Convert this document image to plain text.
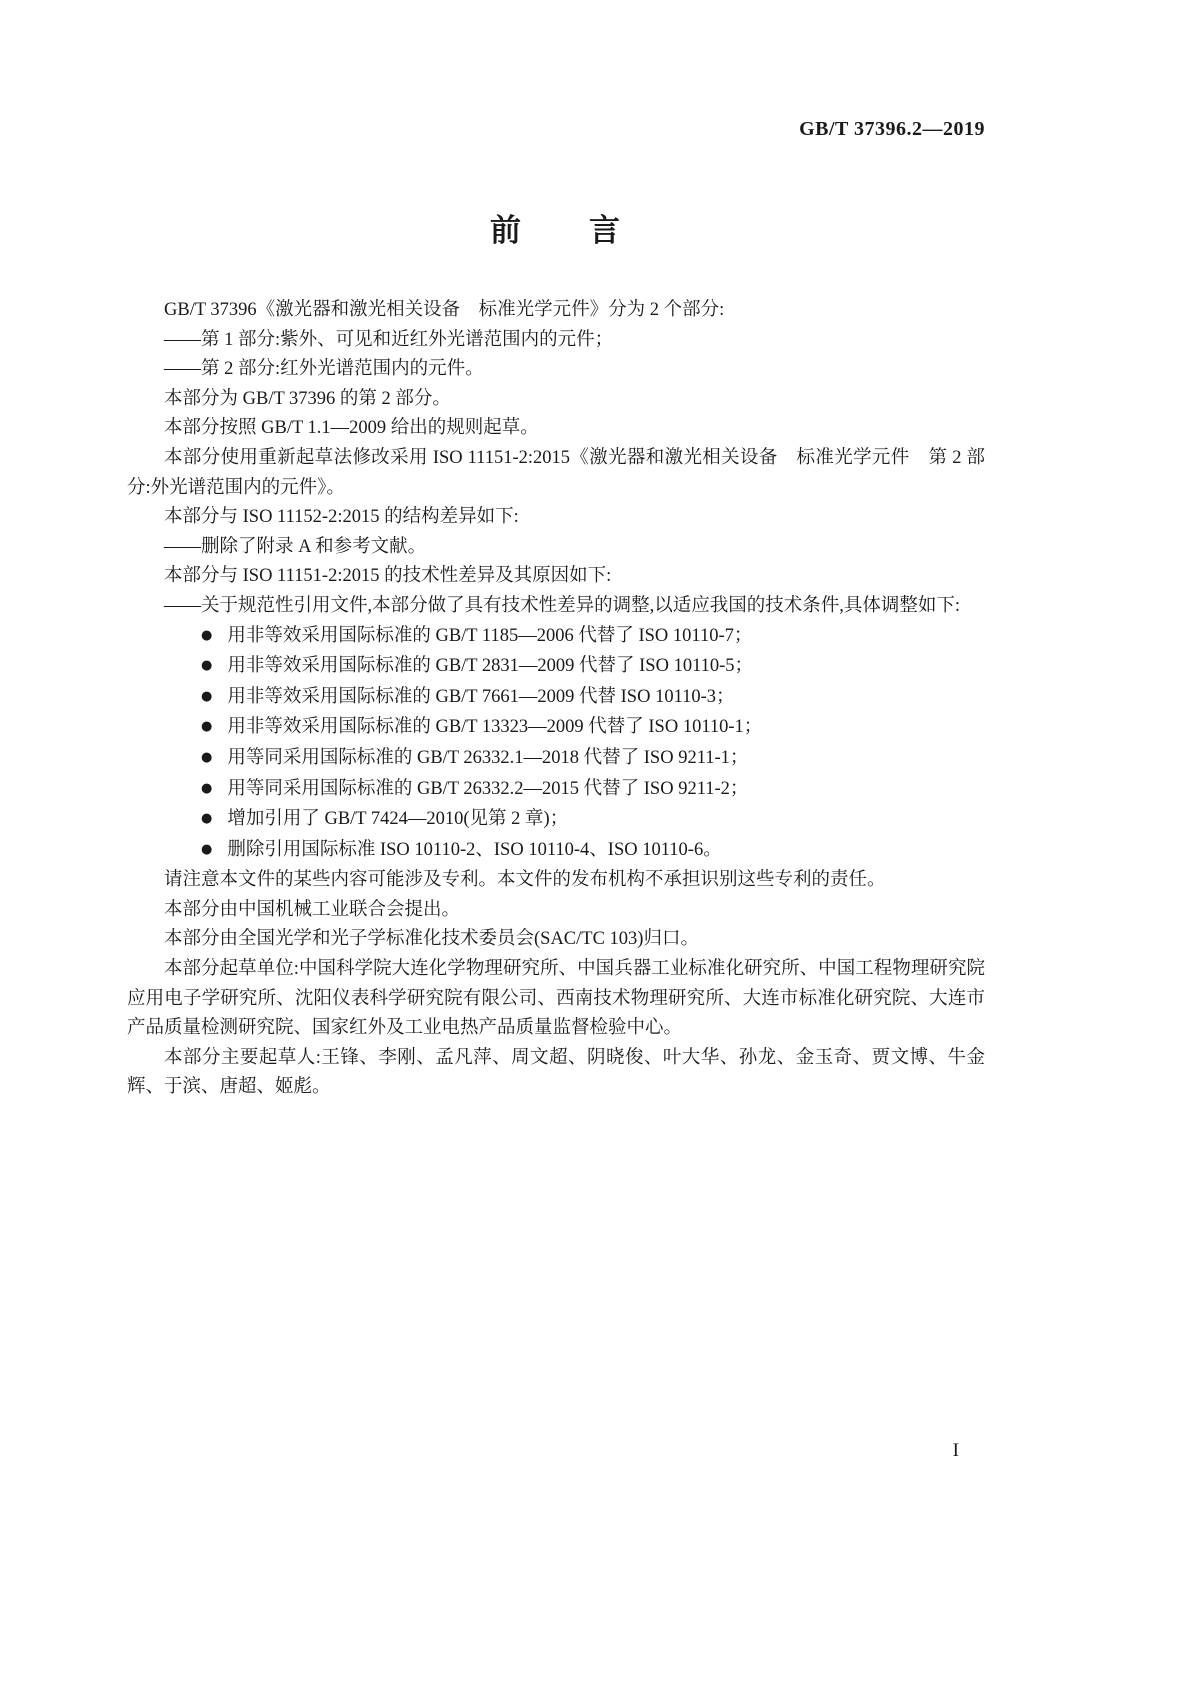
GB/T 37396.2—2019
前　　言

GB/T 37396《激光器和激光相关设备　标准光学元件》分为 2 个部分:

——第 1 部分:紫外、可见和近红外光谱范围内的元件；

——第 2 部分:红外光谱范围内的元件。

本部分为 GB/T 37396 的第 2 部分。

本部分按照 GB/T 1.1—2009 给出的规则起草。

本部分使用重新起草法修改采用 ISO 11151-2:2015《激光器和激光相关设备　标准光学元件　第 2 部分:外光谱范围内的元件》。

本部分与 ISO 11152-2:2015 的结构差异如下:

——删除了附录 A 和参考文献。

本部分与 ISO 11151-2:2015 的技术性差异及其原因如下:

——关于规范性引用文件,本部分做了具有技术性差异的调整,以适应我国的技术条件,具体调整如下:

● 用非等效采用国际标准的 GB/T 1185—2006 代替了 ISO 10110-7；

● 用非等效采用国际标准的 GB/T 2831—2009 代替了 ISO 10110-5；

● 用非等效采用国际标准的 GB/T 7661—2009 代替 ISO 10110-3；

● 用非等效采用国际标准的 GB/T 13323—2009 代替了 ISO 10110-1；

● 用等同采用国际标准的 GB/T 26332.1—2018 代替了 ISO 9211-1；

● 用等同采用国际标准的 GB/T 26332.2—2015 代替了 ISO 9211-2；

● 增加引用了 GB/T 7424—2010(见第 2 章)；

● 删除引用国际标准 ISO 10110-2、ISO 10110-4、ISO 10110-6。

请注意本文件的某些内容可能涉及专利。本文件的发布机构不承担识别这些专利的责任。

本部分由中国机械工业联合会提出。

本部分由全国光学和光子学标准化技术委员会(SAC/TC 103)归口。

本部分起草单位:中国科学院大连化学物理研究所、中国兵器工业标准化研究所、中国工程物理研究院应用电子学研究所、沈阳仪表科学研究院有限公司、西南技术物理研究所、大连市标准化研究院、大连市产品质量检测研究院、国家红外及工业电热产品质量监督检验中心。

本部分主要起草人:王锋、李刚、孟凡萍、周文超、阴晓俊、叶大华、孙龙、金玉奇、贾文博、牛金辉、于滨、唐超、姬彪。

I
